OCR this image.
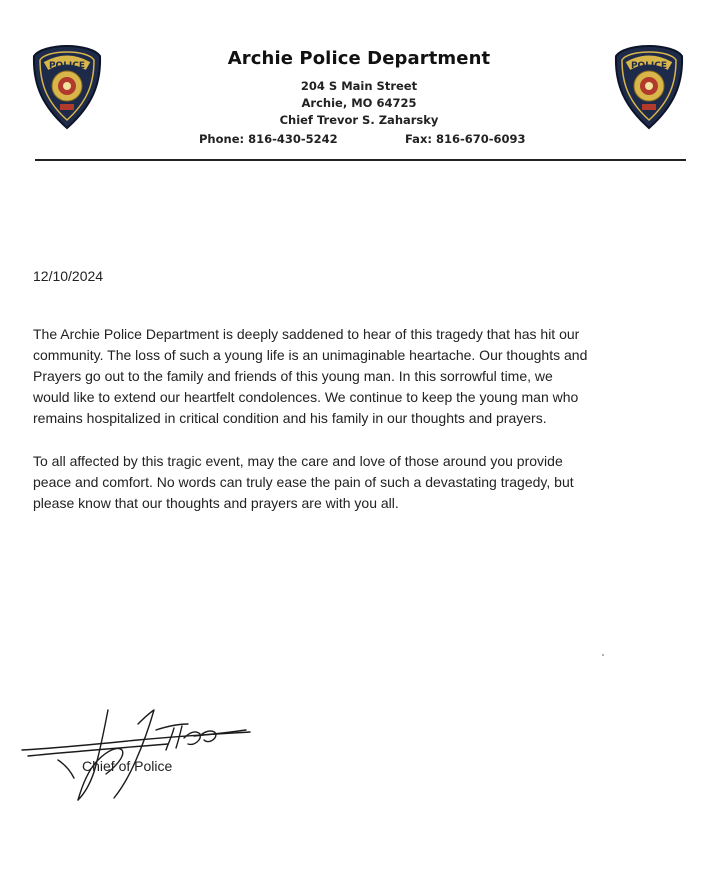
POLICE	POLICE
Archie Police Department
204 S Main Street
Archie, MO 64725
Chief Trevor S. Zaharsky
Phone: 816-430-5242	Fax: 816-670-6093
12/10/2024
The Archie Police Department is deeply saddened to hear of this tragedy that has hit our
community. The loss of such a young life is an unimaginable heartache. Our thoughts and
Prayers go out to the family and friends of this young man. In this sorrowful time, we
would like to extend our heartfelt condolences. We continue to keep the young man who
remains hospitalized in critical condition and his family in our thoughts and prayers.
To all affected by this tragic event, may the care and love of those around you provide
peace and comfort. No words can truly ease the pain of such a devastating tragedy, but
please know that our thoughts and prayers are with you all.
Chief of Police
